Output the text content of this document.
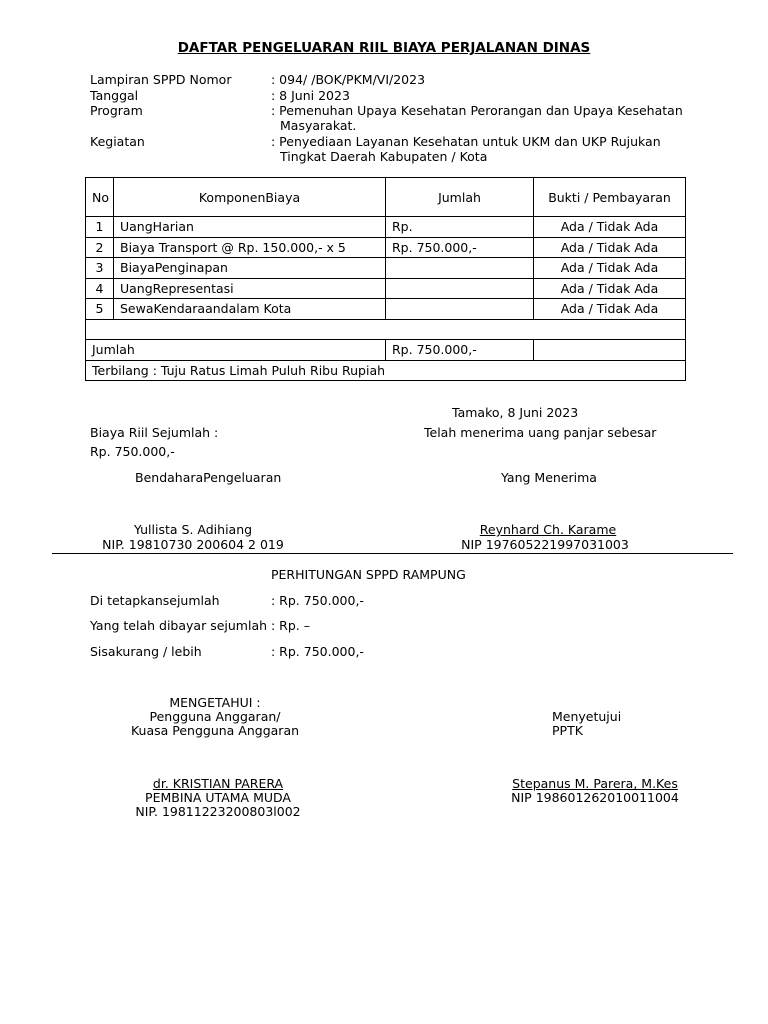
DAFTAR PENGELUARAN RIIL BIAYA PERJALANAN DINAS
Lampiran SPPD Nomor	: 094/ /BOK/PKM/VI/2023
Tanggal	: 8 Juni 2023
Program	: Pemenuhan Upaya Kesehatan Perorangan dan Upaya Kesehatan
Masyarakat.
Kegiatan	: Penyediaan Layanan Kesehatan untuk UKM dan UKP Rujukan
Tingkat Daerah Kabupaten / Kota
No	KomponenBiaya	Jumlah	Bukti / Pembayaran
1	UangHarian	Rp.	Ada / Tidak Ada
2	Biaya Transport @ Rp. 150.000,- x 5	Rp. 750.000,-	Ada / Tidak Ada
3	BiayaPenginapan		Ada / Tidak Ada
4	UangRepresentasi		Ada / Tidak Ada
5	SewaKendaraandalam Kota		Ada / Tidak Ada

Jumlah		Rp. 750.000,-	
Terbilang : Tuju Ratus Limah Puluh Ribu Rupiah			
Tamako, 8 Juni 2023
Biaya Riil Sejumlah :	Telah menerima uang panjar sebesar
Rp. 750.000,-
BendaharaPengeluaran	Yang Menerima
Yullista S. Adihiang
NIP. 19810730 200604 2 019
Reynhard Ch. Karame
NIP 197605221997031003
PERHITUNGAN SPPD RAMPUNG
Di tetapkansejumlah	: Rp. 750.000,-
Yang telah dibayar sejumlah : Rp. –
Sisakurang / lebih	: Rp. 750.000,-
MENGETAHUI :
Pengguna Anggaran/
Kuasa Pengguna Anggaran
Menyetujui
PPTK
dr. KRISTIAN PARERA
PEMBINA UTAMA MUDA
NIP. 19811223200803l002
Stepanus M. Parera, M.Kes
NIP 198601262010011004
